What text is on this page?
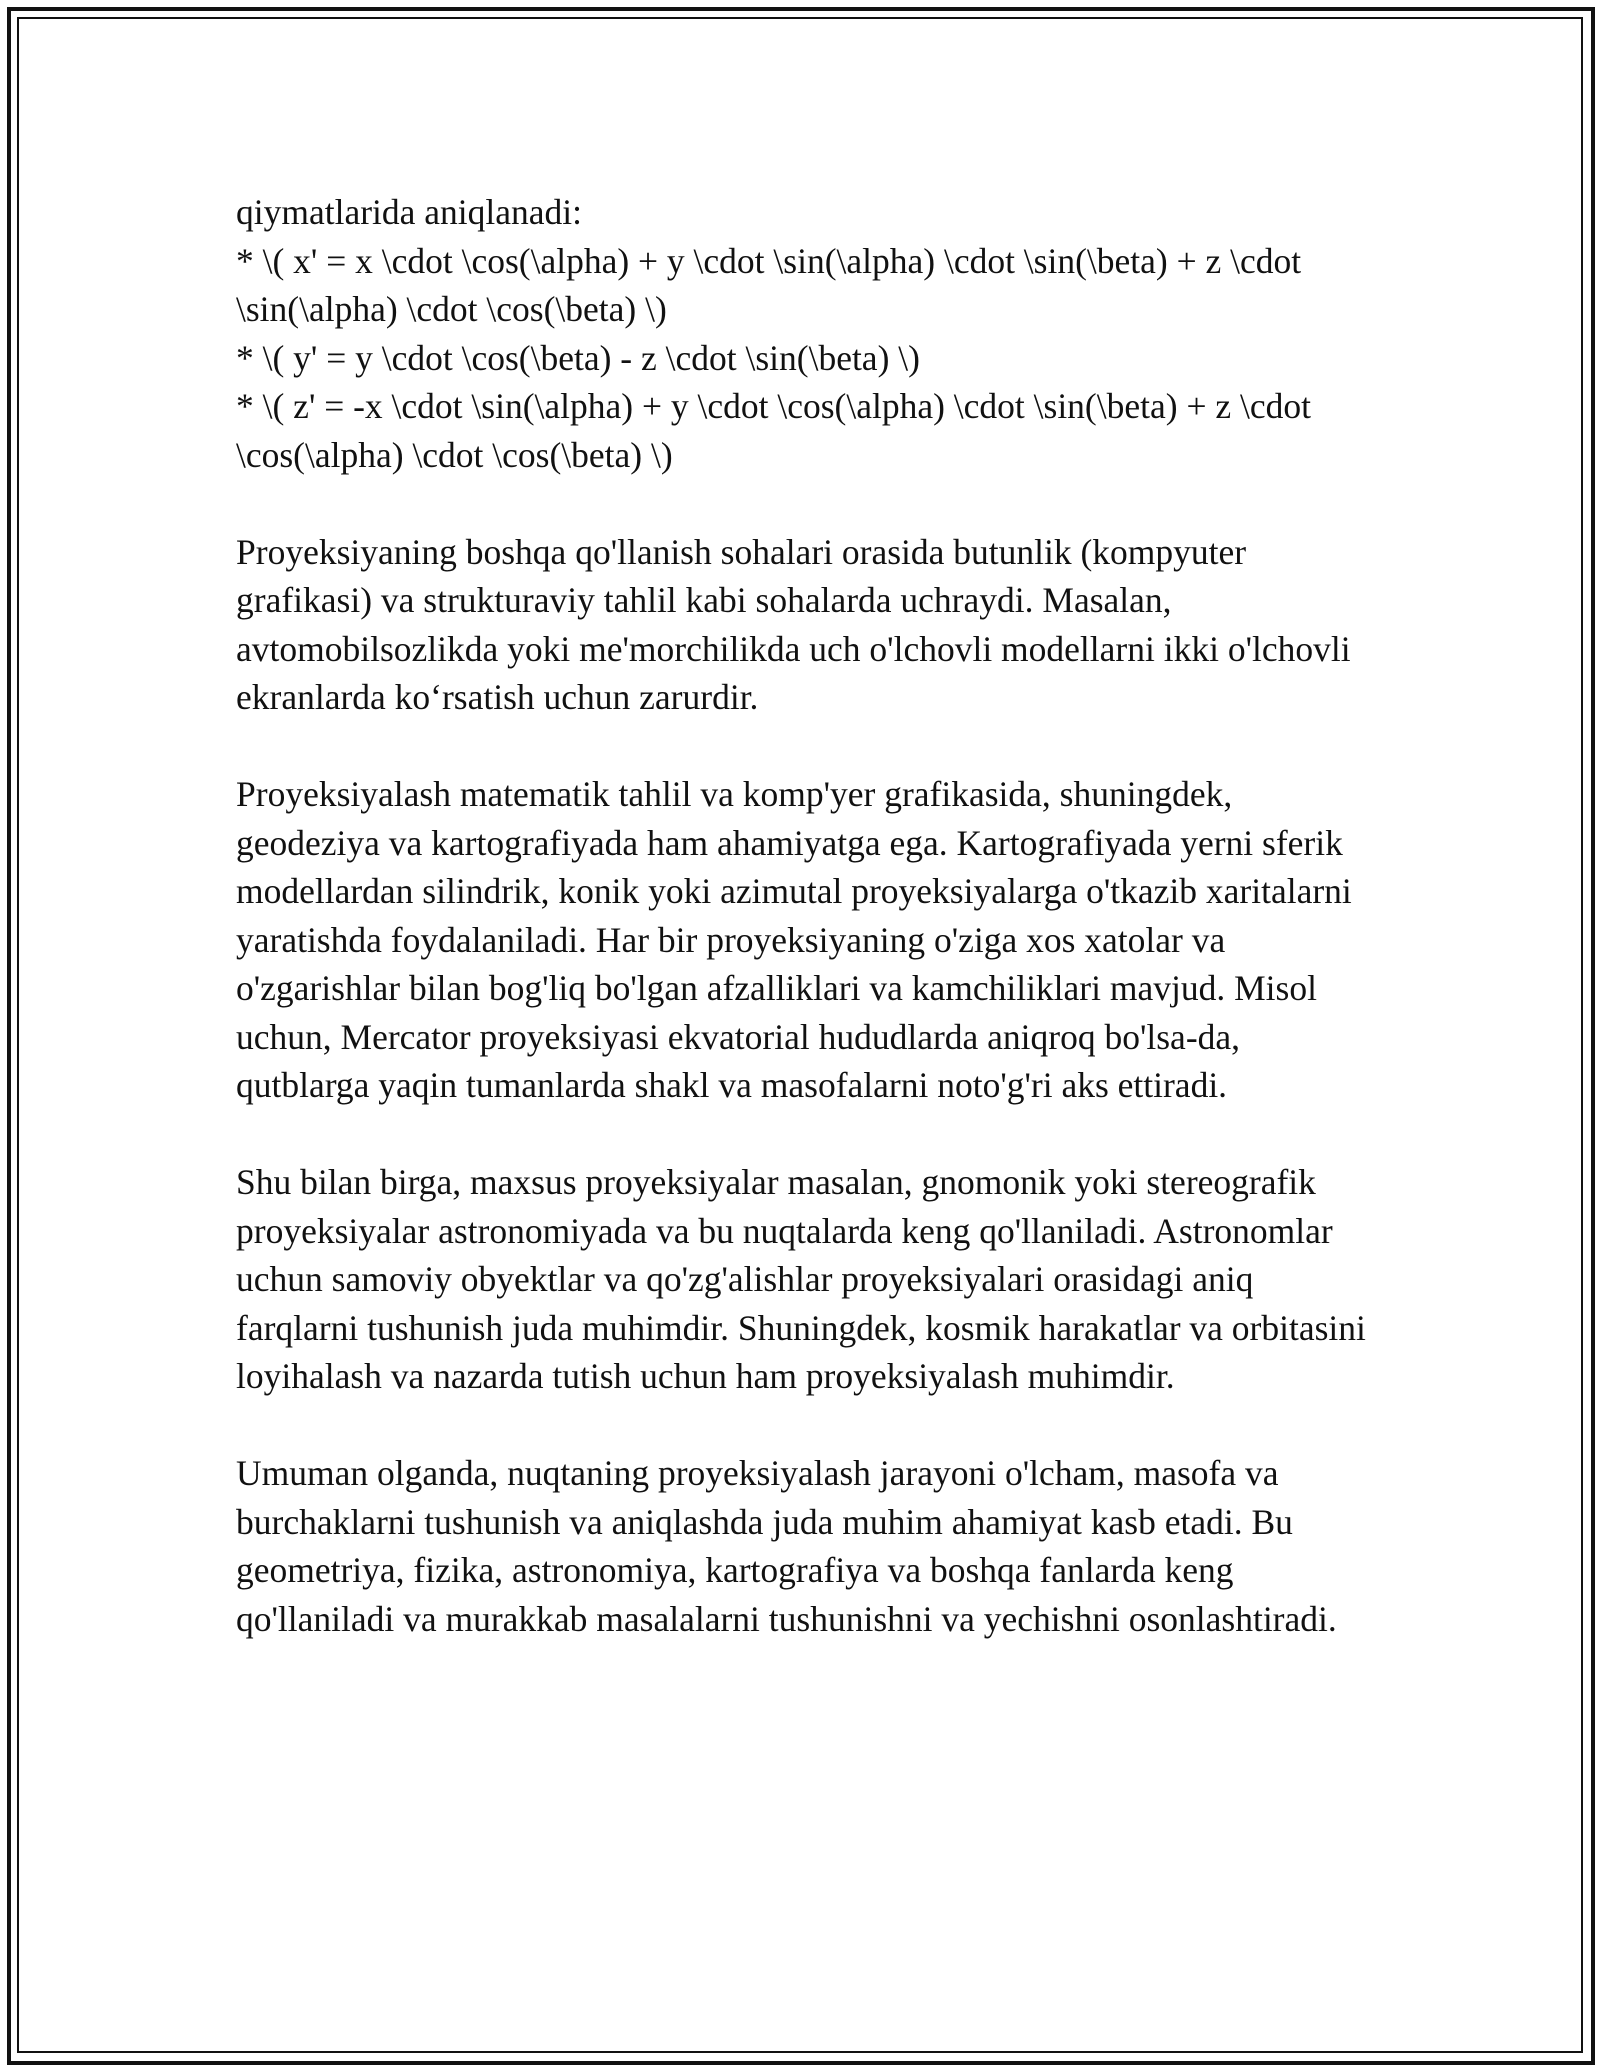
qiymatlarida aniqlanadi:
* \( x' = x \cdot \cos(\alpha) + y \cdot \sin(\alpha) \cdot \sin(\beta) + z \cdot \sin(\alpha) \cdot \cos(\beta) \)
* \( y' = y \cdot \cos(\beta) - z \cdot \sin(\beta) \)
* \( z' = -x \cdot \sin(\alpha) + y \cdot \cos(\alpha) \cdot \sin(\beta) + z \cdot \cos(\alpha) \cdot \cos(\beta) \)

Proyeksiyaning boshqa qo'llanish sohalari orasida butunlik (kompyuter grafikasi) va strukturaviy tahlil kabi sohalarda uchraydi. Masalan, avtomobilsozlikda yoki me'morchilikda uch o'lchovli modellarni ikki o'lchovli ekranlarda ko‘rsatish uchun zarurdir.

Proyeksiyalash matematik tahlil va komp'yer grafikasida, shuningdek, geodeziya va kartografiyada ham ahamiyatga ega. Kartografiyada yerni sferik modellardan silindrik, konik yoki azimutal proyeksiyalarga o'tkazib xaritalarni yaratishda foydalaniladi. Har bir proyeksiyaning o'ziga xos xatolar va o'zgarishlar bilan bog'liq bo'lgan afzalliklari va kamchiliklari mavjud. Misol uchun, Mercator proyeksiyasi ekvatorial hududlarda aniqroq bo'lsa-da, qutblarga yaqin tumanlarda shakl va masofalarni noto'g'ri aks ettiradi.

Shu bilan birga, maxsus proyeksiyalar masalan, gnomonik yoki stereografik proyeksiyalar astronomiyada va bu nuqtalarda keng qo'llaniladi. Astronomlar uchun samoviy obyektlar va qo'zg'alishlar proyeksiyalari orasidagi aniq farqlarni tushunish juda muhimdir. Shuningdek, kosmik harakatlar va orbitasini loyihalash va nazarda tutish uchun ham proyeksiyalash muhimdir.

Umuman olganda, nuqtaning proyeksiyalash jarayoni o'lcham, masofa va burchaklarni tushunish va aniqlashda juda muhim ahamiyat kasb etadi. Bu geometriya, fizika, astronomiya, kartografiya va boshqa fanlarda keng qo'llaniladi va murakkab masalalarni tushunishni va yechishni osonlashtiradi.
